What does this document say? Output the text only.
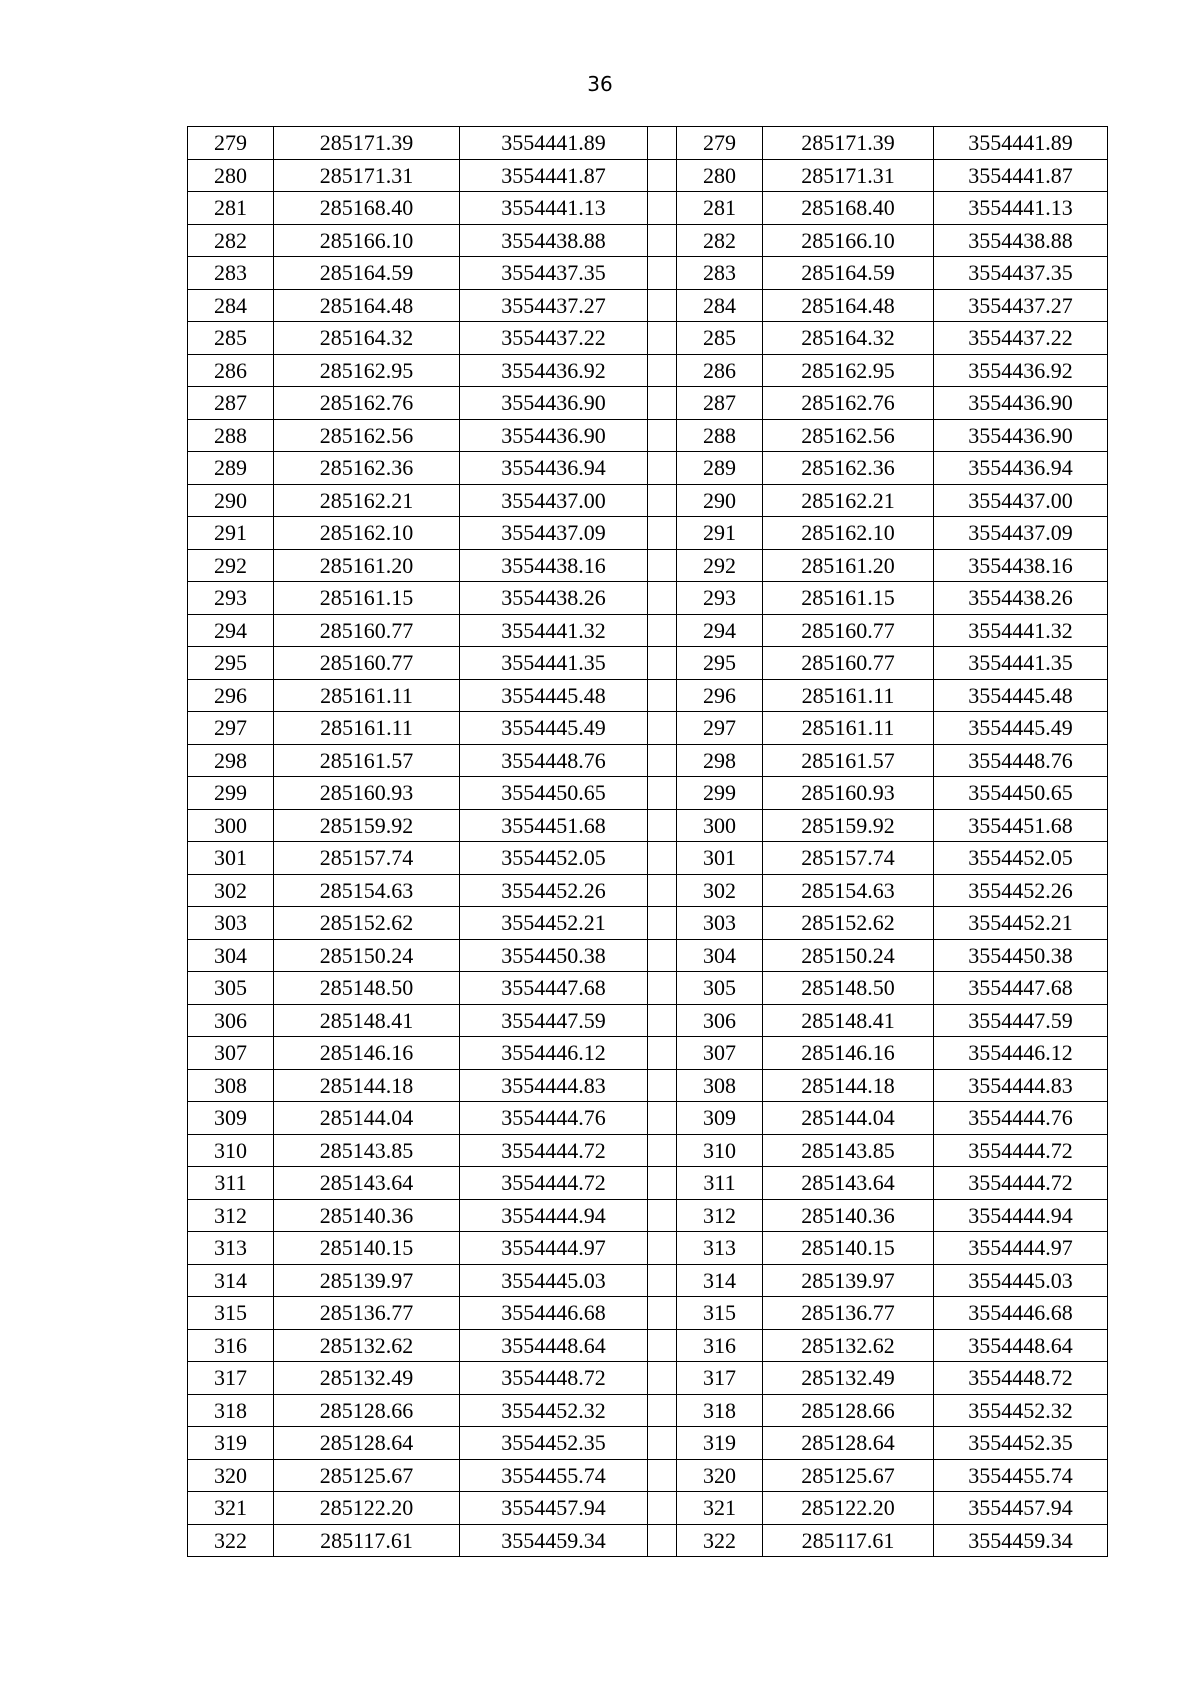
36
279	285171.39	3554441.89		279	285171.39	3554441.89
280	285171.31	3554441.87		280	285171.31	3554441.87
281	285168.40	3554441.13		281	285168.40	3554441.13
282	285166.10	3554438.88		282	285166.10	3554438.88
283	285164.59	3554437.35		283	285164.59	3554437.35
284	285164.48	3554437.27		284	285164.48	3554437.27
285	285164.32	3554437.22		285	285164.32	3554437.22
286	285162.95	3554436.92		286	285162.95	3554436.92
287	285162.76	3554436.90		287	285162.76	3554436.90
288	285162.56	3554436.90		288	285162.56	3554436.90
289	285162.36	3554436.94		289	285162.36	3554436.94
290	285162.21	3554437.00		290	285162.21	3554437.00
291	285162.10	3554437.09		291	285162.10	3554437.09
292	285161.20	3554438.16		292	285161.20	3554438.16
293	285161.15	3554438.26		293	285161.15	3554438.26
294	285160.77	3554441.32		294	285160.77	3554441.32
295	285160.77	3554441.35		295	285160.77	3554441.35
296	285161.11	3554445.48		296	285161.11	3554445.48
297	285161.11	3554445.49		297	285161.11	3554445.49
298	285161.57	3554448.76		298	285161.57	3554448.76
299	285160.93	3554450.65		299	285160.93	3554450.65
300	285159.92	3554451.68		300	285159.92	3554451.68
301	285157.74	3554452.05		301	285157.74	3554452.05
302	285154.63	3554452.26		302	285154.63	3554452.26
303	285152.62	3554452.21		303	285152.62	3554452.21
304	285150.24	3554450.38		304	285150.24	3554450.38
305	285148.50	3554447.68		305	285148.50	3554447.68
306	285148.41	3554447.59		306	285148.41	3554447.59
307	285146.16	3554446.12		307	285146.16	3554446.12
308	285144.18	3554444.83		308	285144.18	3554444.83
309	285144.04	3554444.76		309	285144.04	3554444.76
310	285143.85	3554444.72		310	285143.85	3554444.72
311	285143.64	3554444.72		311	285143.64	3554444.72
312	285140.36	3554444.94		312	285140.36	3554444.94
313	285140.15	3554444.97		313	285140.15	3554444.97
314	285139.97	3554445.03		314	285139.97	3554445.03
315	285136.77	3554446.68		315	285136.77	3554446.68
316	285132.62	3554448.64		316	285132.62	3554448.64
317	285132.49	3554448.72		317	285132.49	3554448.72
318	285128.66	3554452.32		318	285128.66	3554452.32
319	285128.64	3554452.35		319	285128.64	3554452.35
320	285125.67	3554455.74		320	285125.67	3554455.74
321	285122.20	3554457.94		321	285122.20	3554457.94
322	285117.61	3554459.34		322	285117.61	3554459.34
